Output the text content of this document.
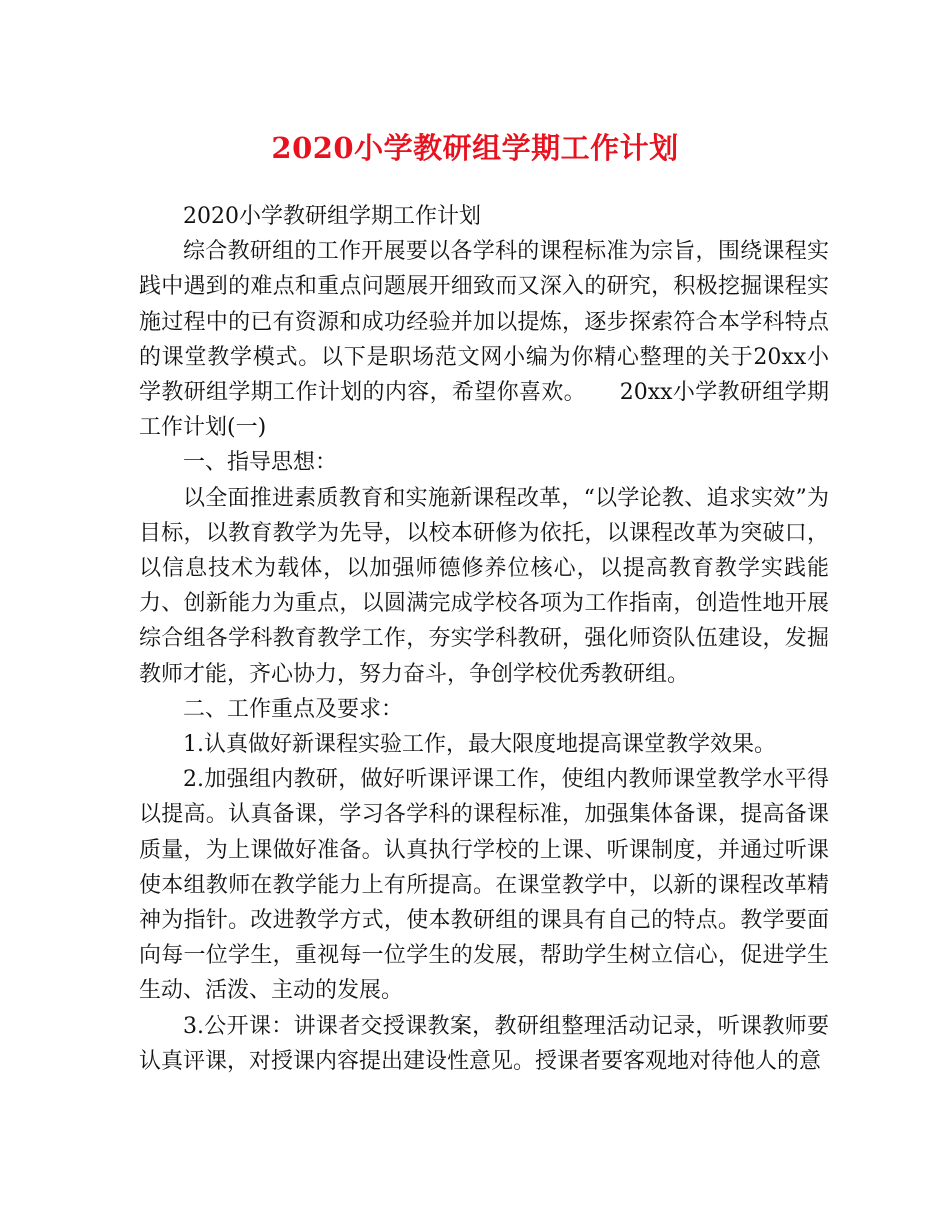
2020小学教研组学期工作计划

2020小学教研组学期工作计划

综合教研组的工作开展要以各学科的课程标准为宗旨，围绕课程实践中遇到的难点和重点问题展开细致而又深入的研究，积极挖掘课程实施过程中的已有资源和成功经验并加以提炼，逐步探索符合本学科特点的课堂教学模式。以下是职场范文网小编为你精心整理的关于20xx小学教研组学期工作计划的内容，希望你喜欢。　　20xx小学教研组学期工作计划(一)

一、指导思想：

以全面推进素质教育和实施新课程改革，“以学论教、追求实效”为目标，以教育教学为先导，以校本研修为依托，以课程改革为突破口，以信息技术为载体，以加强师德修养位核心，以提高教育教学实践能力、创新能力为重点，以圆满完成学校各项为工作指南，创造性地开展综合组各学科教育教学工作，夯实学科教研，强化师资队伍建设，发掘教师才能，齐心协力，努力奋斗，争创学校优秀教研组。

二、工作重点及要求：

1.认真做好新课程实验工作，最大限度地提高课堂教学效果。

2.加强组内教研，做好听课评课工作，使组内教师课堂教学水平得以提高。认真备课，学习各学科的课程标准，加强集体备课，提高备课质量，为上课做好准备。认真执行学校的上课、听课制度，并通过听课使本组教师在教学能力上有所提高。在课堂教学中，以新的课程改革精神为指针。改进教学方式，使本教研组的课具有自己的特点。教学要面向每一位学生，重视每一位学生的发展，帮助学生树立信心，促进学生生动、活泼、主动的发展。

3.公开课：讲课者交授课教案，教研组整理活动记录，听课教师要认真评课，对授课内容提出建设性意见。授课者要客观地对待他人的意
